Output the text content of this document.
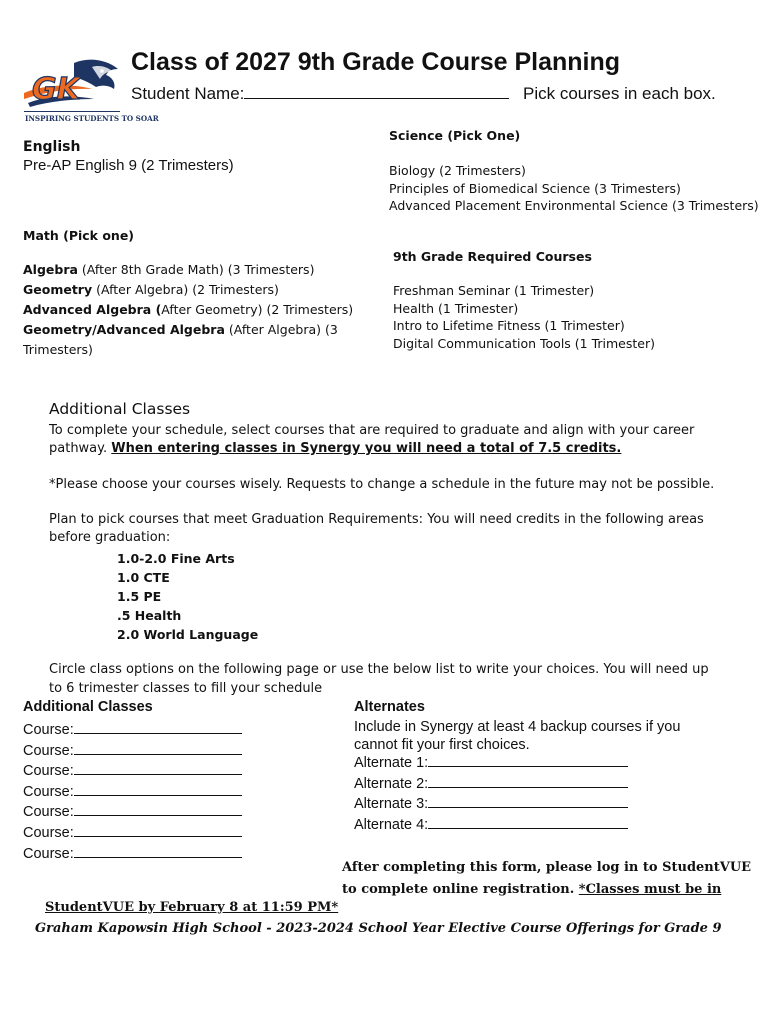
GK
INSPIRING STUDENTS TO SOAR
Class of 2027 9th Grade Course Planning
Student Name:	Pick courses in each box.
English
Pre-AP English 9 (2 Trimesters)
Science (Pick One)
Biology (2 Trimesters)
Principles of Biomedical Science (3 Trimesters)
Advanced Placement Environmental Science (3 Trimesters)
Math (Pick one)
Algebra (After 8th Grade Math) (3 Trimesters)
Geometry (After Algebra) (2 Trimesters)
Advanced Algebra (After Geometry) (2 Trimesters)
Geometry/Advanced Algebra (After Algebra) (3
Trimesters)
9th Grade Required Courses
Freshman Seminar (1 Trimester)
Health (1 Trimester)
Intro to Lifetime Fitness (1 Trimester)
Digital Communication Tools (1 Trimester)
Additional Classes
To complete your schedule, select courses that are required to graduate and align with your career
pathway. When entering classes in Synergy you will need a total of 7.5 credits.
*Please choose your courses wisely. Requests to change a schedule in the future may not be possible.
Plan to pick courses that meet Graduation Requirements: You will need credits in the following areas
before graduation:
1.0-2.0 Fine Arts
1.0 CTE
1.5 PE
.5 Health
2.0 World Language
Circle class options on the following page or use the below list to write your choices. You will need up
to 6 trimester classes to fill your schedule
Additional Classes
Course:
Course:
Course:
Course:
Course:
Course:
Course:
Alternates
Include in Synergy at least 4 backup courses if you
cannot fit your first choices.
Alternate 1:
Alternate 2:
Alternate 3:
Alternate 4:
After completing this form, please log in to StudentVUE
to complete online registration. *Classes must be in
StudentVUE by February 8 at 11:59 PM*
Graham Kapowsin High School - 2023-2024 School Year Elective Course Offerings for Grade 9
